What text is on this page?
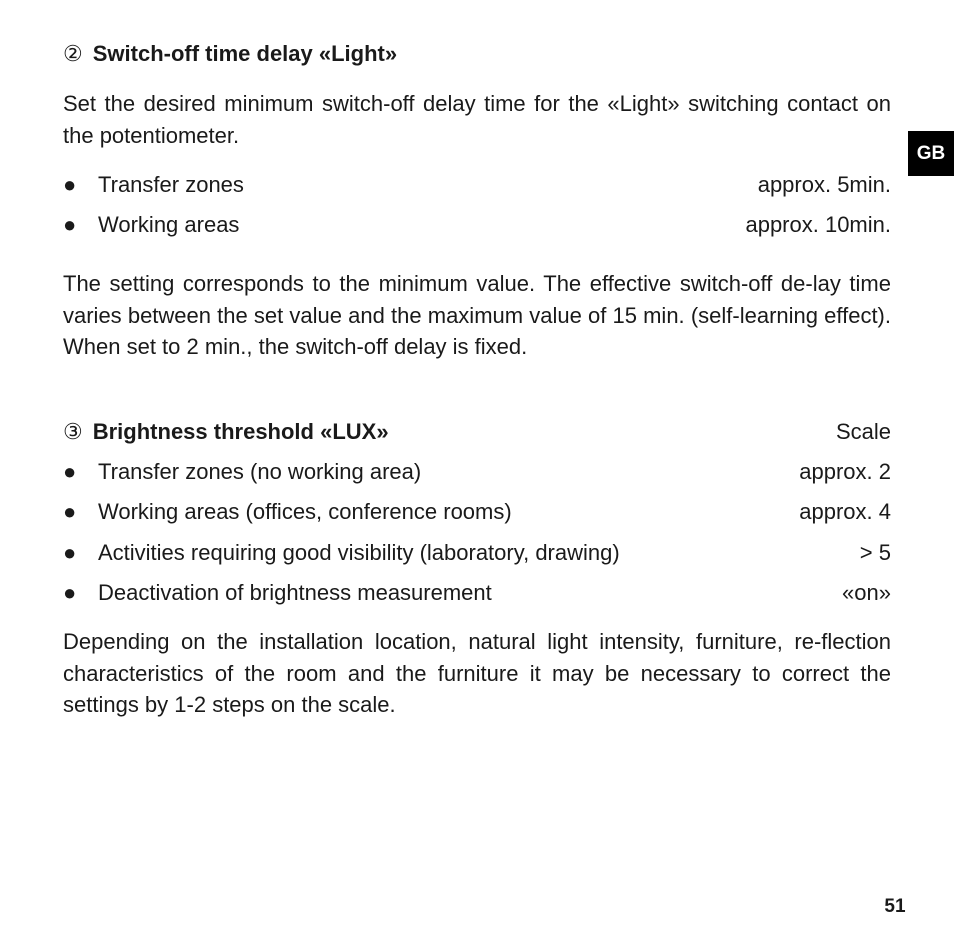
GB
② Switch-off time delay «Light»
Set the desired minimum switch-off delay time for the «Light» switching contact on the potentiometer.
● Transfer zones	approx. 5min.
● Working areas	approx. 10min.
The setting corresponds to the minimum value. The effective switch-off de-lay time varies between the set value and the maximum value of 15 min. (self-learning effect). When set to 2 min., the switch-off delay is fixed.
③ Brightness threshold «LUX»	Scale
● Transfer zones (no working area)	approx. 2
● Working areas (offices, conference rooms)	approx. 4
● Activities requiring good visibility (laboratory, drawing)	> 5
● Deactivation of brightness measurement	«on»
Depending on the installation location, natural light intensity, furniture, re-flection characteristics of the room and the furniture it may be necessary to correct the settings by 1-2 steps on the scale.
51
